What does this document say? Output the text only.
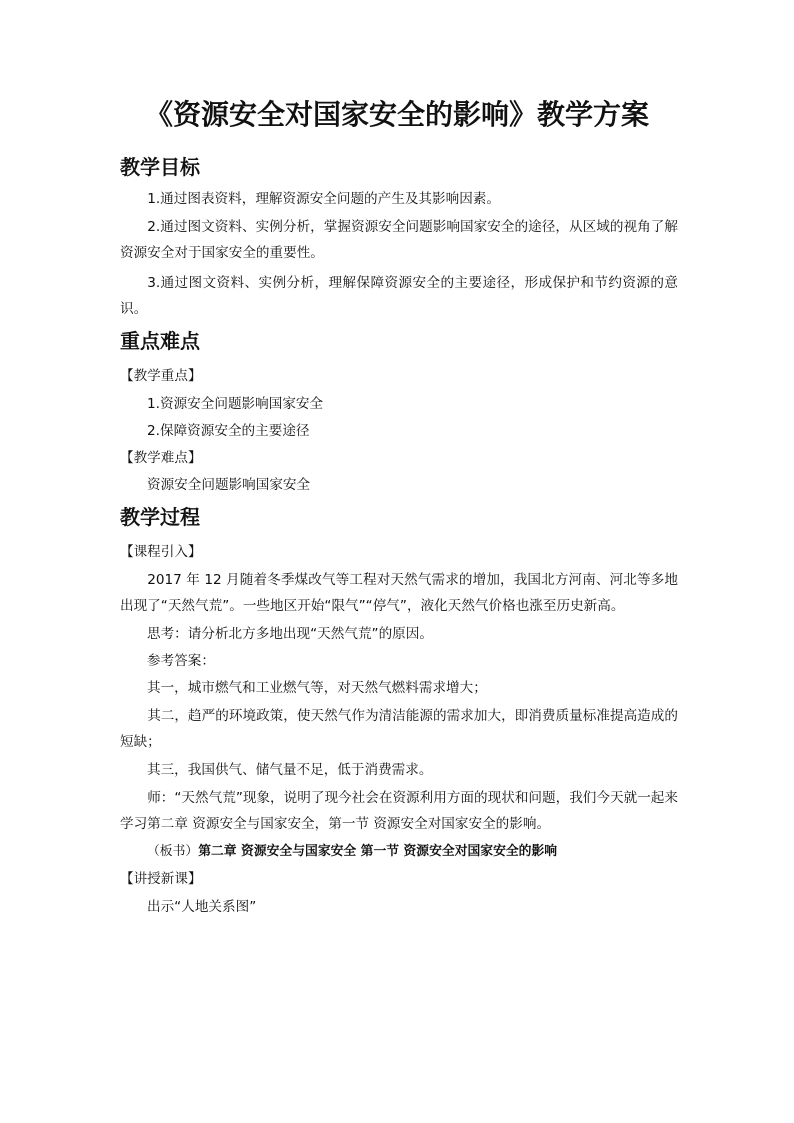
《资源安全对国家安全的影响》教学方案
教学目标

1.通过图表资料，理解资源安全问题的产生及其影响因素。

2.通过图文资料、实例分析，掌握资源安全问题影响国家安全的途径，从区域的视角了解资源安全对于国家安全的重要性。

3.通过图文资料、实例分析，理解保障资源安全的主要途径，形成保护和节约资源的意识。

重点难点
【教学重点】
1.资源安全问题影响国家安全
2.保障资源安全的主要途径
【教学难点】
资源安全问题影响国家安全
教学过程
【课程引入】

2017 年 12 月随着冬季煤改气等工程对天然气需求的增加，我国北方河南、河北等多地出现了“天然气荒”。一些地区开始“限气”“停气”，液化天然气价格也涨至历史新高。

思考：请分析北方多地出现“天然气荒”的原因。
参考答案：
其一，城市燃气和工业燃气等，对天然气燃料需求增大；

其二，趋严的环境政策，使天然气作为清洁能源的需求加大，即消费质量标准提高造成的短缺；

其三，我国供气、储气量不足，低于消费需求。

师：“天然气荒”现象，说明了现今社会在资源利用方面的现状和问题，我们今天就一起来学习第二章 资源安全与国家安全，第一节 资源安全对国家安全的影响。

（板书）第二章 资源安全与国家安全 第一节 资源安全对国家安全的影响
【讲授新课】
出示“人地关系图”
